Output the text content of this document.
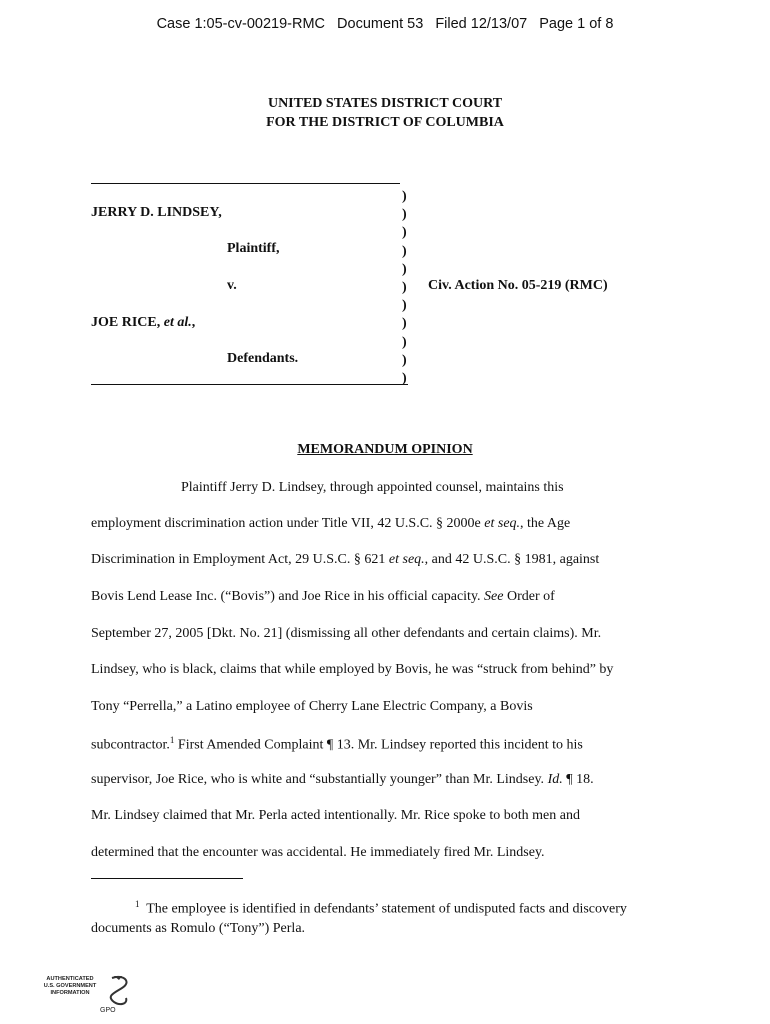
Case 1:05-cv-00219-RMC Document 53 Filed 12/13/07 Page 1 of 8
UNITED STATES DISTRICT COURT
FOR THE DISTRICT OF COLUMBIA
)
)
)
)
)
)
)
)
)
)
)
JERRY D. LINDSEY,
Plaintiff,
v.	Civ. Action No. 05-219 (RMC)
JOE RICE, et al.,
Defendants.
MEMORANDUM OPINION
Plaintiff Jerry D. Lindsey, through appointed counsel, maintains this
employment discrimination action under Title VII, 42 U.S.C. § 2000e et seq., the Age
Discrimination in Employment Act, 29 U.S.C. § 621 et seq., and 42 U.S.C. § 1981, against
Bovis Lend Lease Inc. (“Bovis”) and Joe Rice in his official capacity. See Order of
September 27, 2005 [Dkt. No. 21] (dismissing all other defendants and certain claims). Mr.
Lindsey, who is black, claims that while employed by Bovis, he was “struck from behind” by
Tony “Perrella,” a Latino employee of Cherry Lane Electric Company, a Bovis
subcontractor.$^1$ First Amended Complaint ¶ 13. Mr. Lindsey reported this incident to his
supervisor, Joe Rice, who is white and “substantially younger” than Mr. Lindsey. Id. ¶ 18.
Mr. Lindsey claimed that Mr. Perla acted intentionally. Mr. Rice spoke to both men and
determined that the encounter was accidental. He immediately fired Mr. Lindsey.
$^1$ The employee is identified in defendants’ statement of undisputed facts and discovery documents as Romulo (“Tony”) Perla.
AUTHENTICATED
U.S. GOVERNMENT
INFORMATION
GPO
